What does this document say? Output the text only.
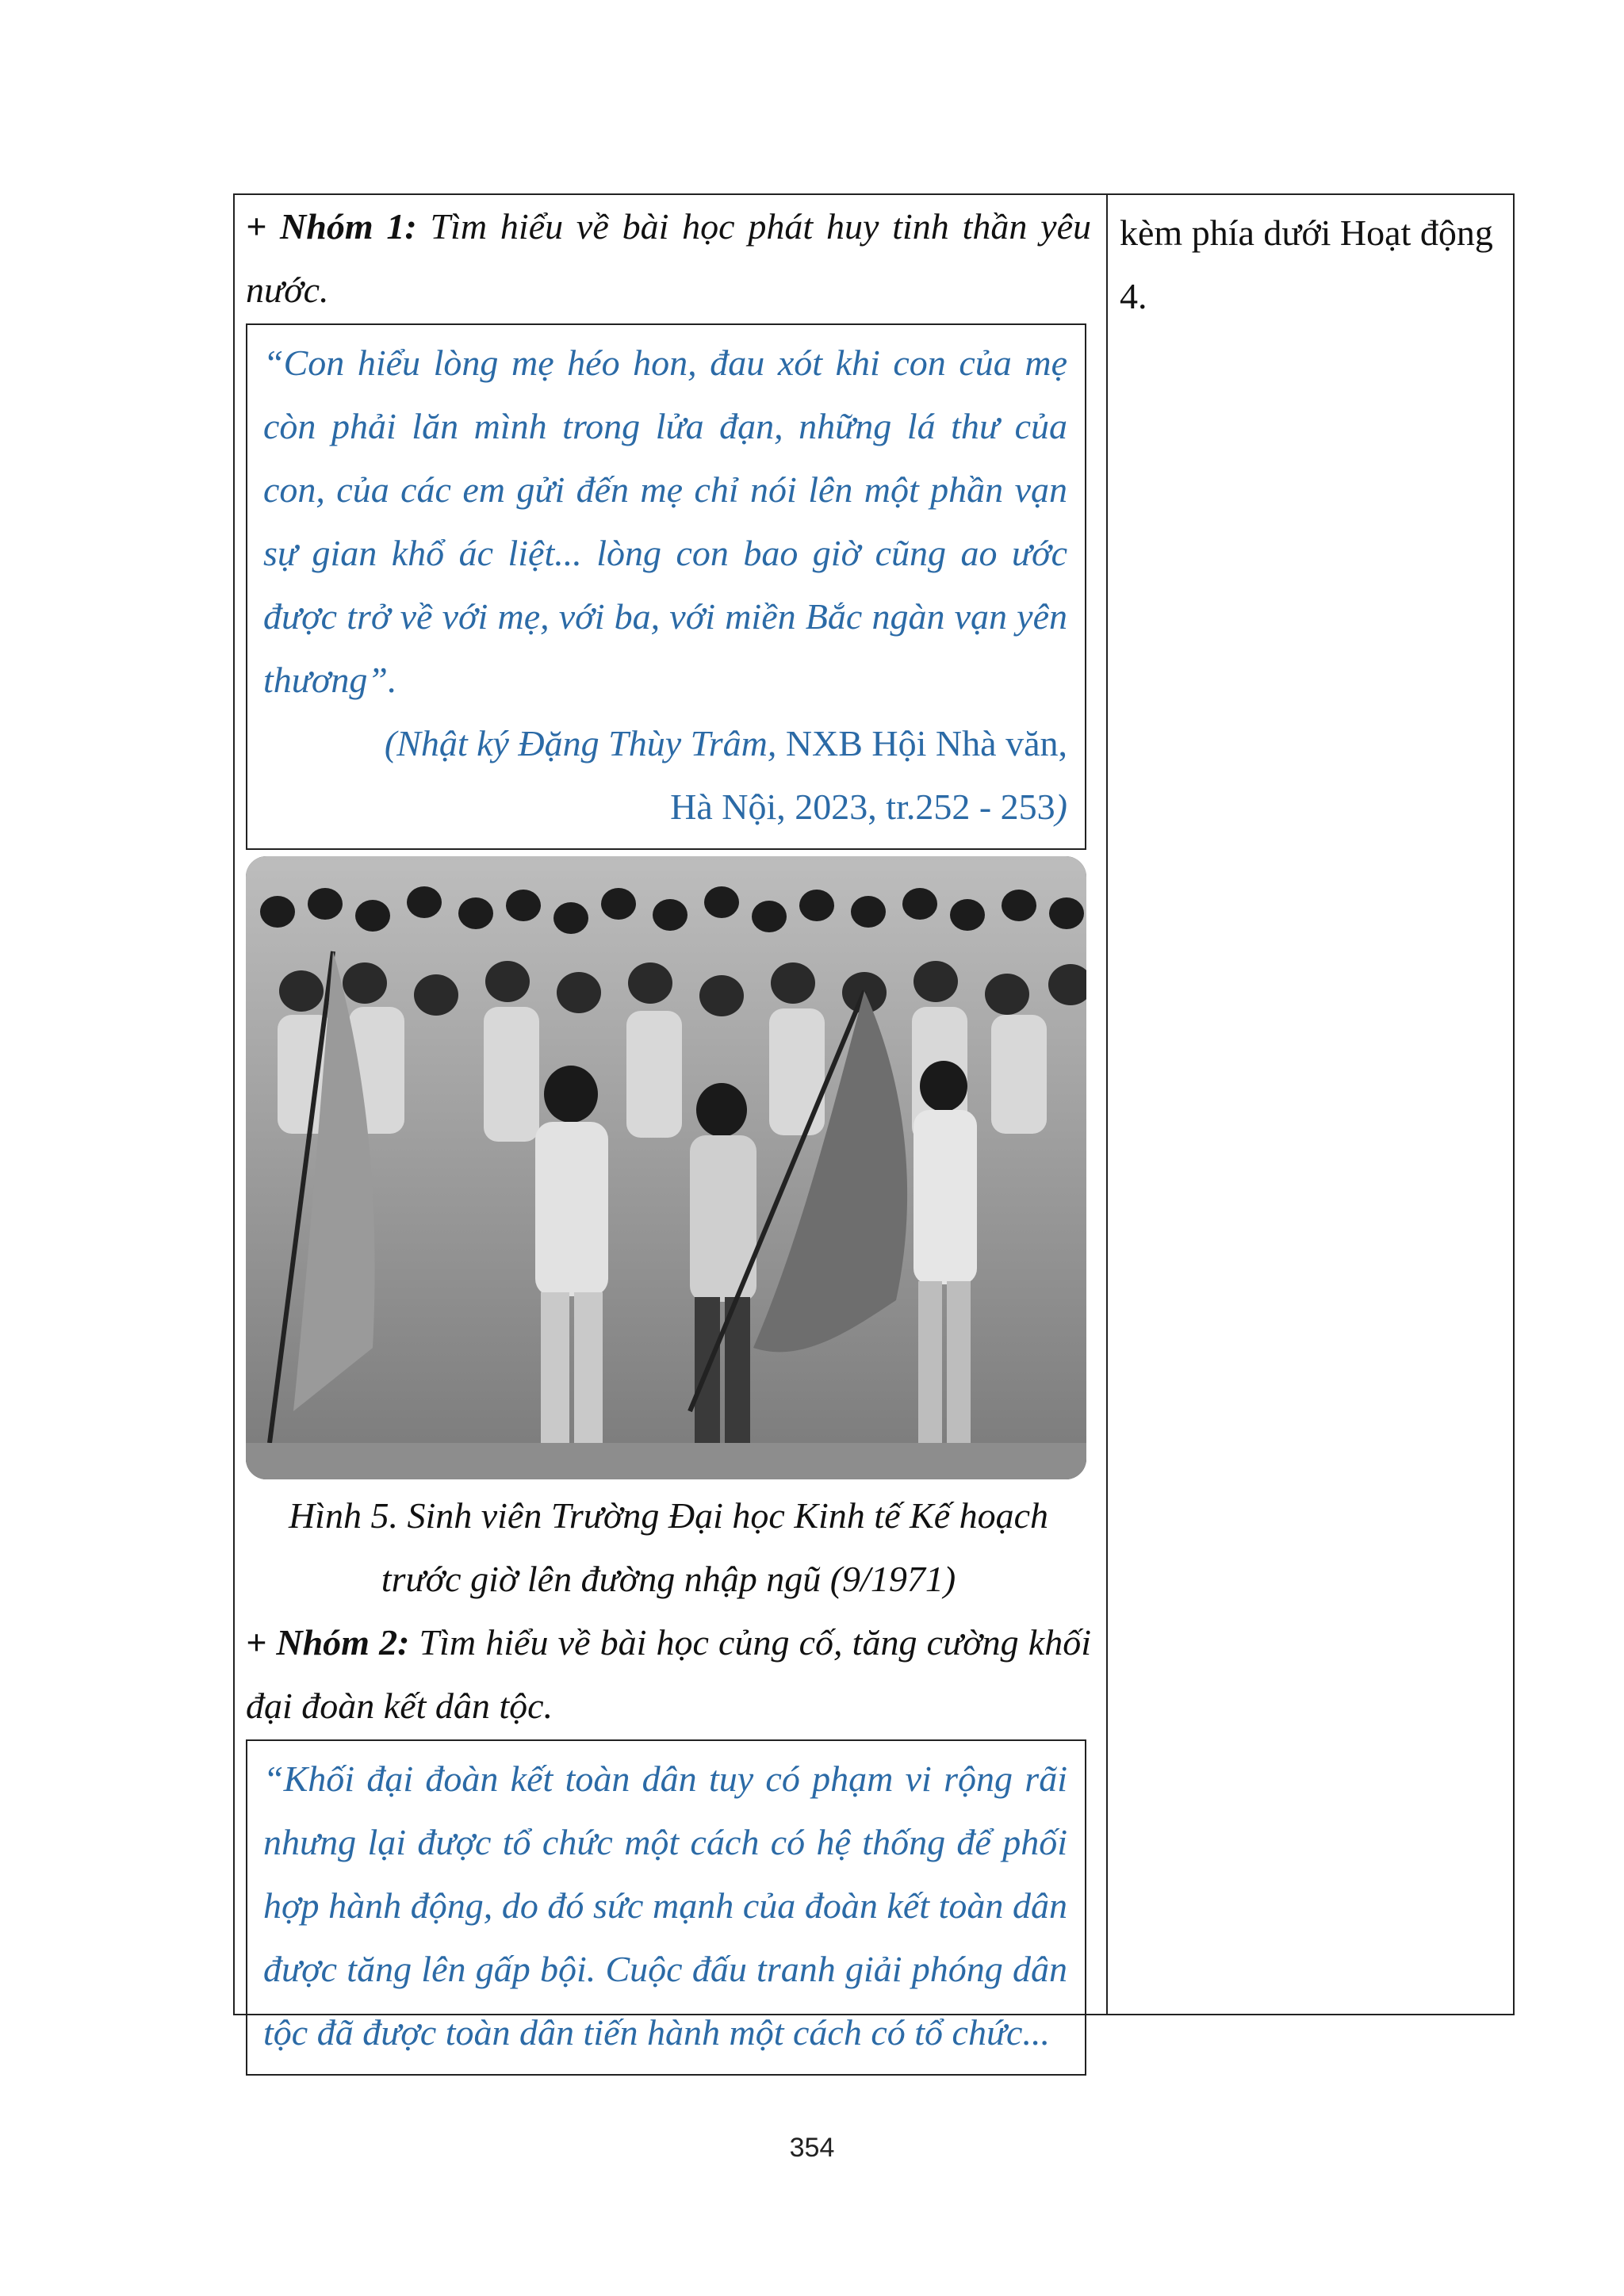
+ Nhóm 1: Tìm hiểu về bài học phát huy tinh thần yêu nước.

“Con hiểu lòng mẹ héo hon, đau xót khi con của mẹ còn phải lăn mình trong lửa đạn, những lá thư của con, của các em gửi đến mẹ chỉ nói lên một phần vạn sự gian khổ ác liệt... lòng con bao giờ cũng ao ước được trở về với mẹ, với ba, với miền Bắc ngàn vạn yên thương”.

(Nhật ký Đặng Thùy Trâm, NXB Hội Nhà văn,

Hà Nội, 2023, tr.252 - 253)

Hình 5. Sinh viên Trường Đại học Kinh tế Kế hoạch

trước giờ lên đường nhập ngũ (9/1971)

+ Nhóm 2: Tìm hiểu về bài học củng cố, tăng cường khối đại đoàn kết dân tộc.

“Khối đại đoàn kết toàn dân tuy có phạm vi rộng rãi nhưng lại được tổ chức một cách có hệ thống để phối hợp hành động, do đó sức mạnh của đoàn kết toàn dân được tăng lên gấp bội. Cuộc đấu tranh giải phóng dân tộc đã được toàn dân tiến hành một cách có tổ chức...

kèm phía dưới Hoạt động 4.

354
